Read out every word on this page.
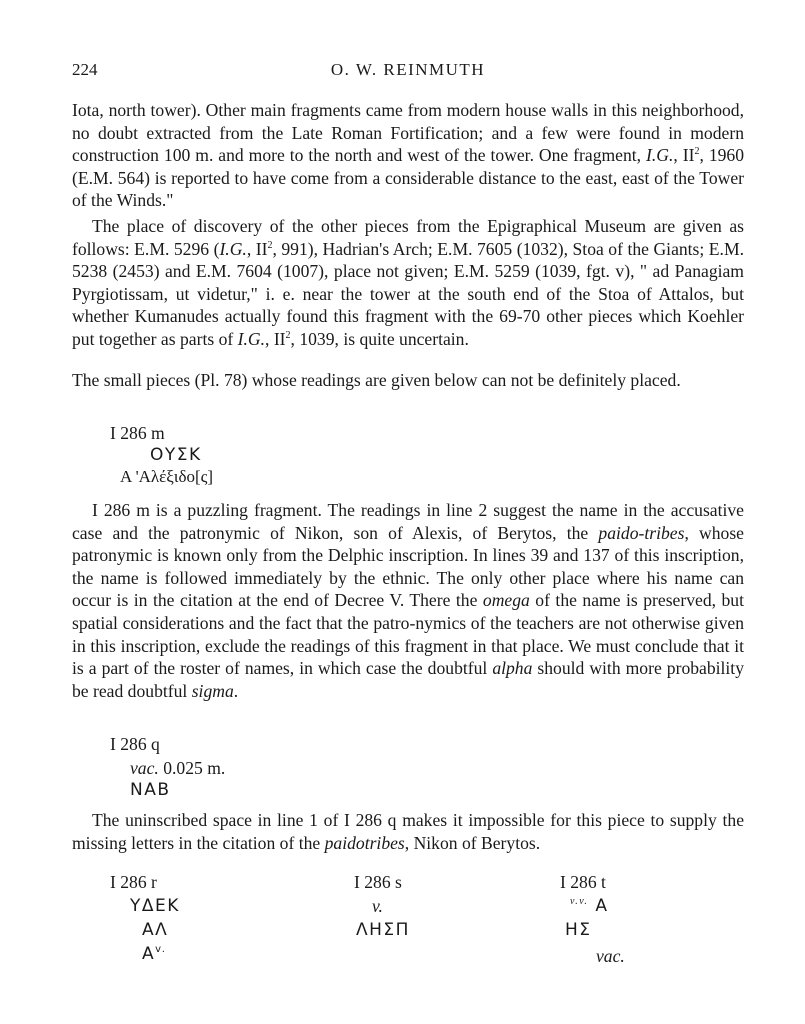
224	O. W. REINMUTH

Iota, north tower). Other main fragments came from modern house walls in this neighborhood, no doubt extracted from the Late Roman Fortification; and a few were found in modern construction 100 m. and more to the north and west of the tower. One fragment, I.G., $II^2$, 1960 (E.M. 564) is reported to have come from a considerable distance to the east, east of the Tower of the Winds."

The place of discovery of the other pieces from the Epigraphical Museum are given as follows: E.M. 5296 (I.G., $II^2$, 991), Hadrian's Arch; E.M. 7605 (1032), Stoa of the Giants; E.M. 5238 (2453) and E.M. 7604 (1007), place not given; E.M. 5259 (1039, fgt. v), " ad Panagiam Pyrgiotissam, ut videtur," i. e. near the tower at the south end of the Stoa of Attalos, but whether Kumanudes actually found this fragment with the 69-70 other pieces which Koehler put together as parts of I.G., $II^2$, 1039, is quite uncertain.

The small pieces (Pl. 78) whose readings are given below can not be definitely placed.

I 286 m
ΟΥΣΚ
Α 'Αλέξιδο[ς]

I 286 m is a puzzling fragment. The readings in line 2 suggest the name in the accusative case and the patronymic of Nikon, son of Alexis, of Berytos, the paido-tribes, whose patronymic is known only from the Delphic inscription. In lines 39 and 137 of this inscription, the name is followed immediately by the ethnic. The only other place where his name can occur is in the citation at the end of Decree V. There the omega of the name is preserved, but spatial considerations and the fact that the patro-nymics of the teachers are not otherwise given in this inscription, exclude the readings of this fragment in that place. We must conclude that it is a part of the roster of names, in which case the doubtful alpha should with more probability be read doubtful sigma.

I 286 q
vac. 0.025 m.
NAB

The uninscribed space in line 1 of I 286 q makes it impossible for this piece to supply the missing letters in the citation of the paidotribes, Nikon of Berytos.

I 286 r
ΥΔΕΚ
ΑΛ
$A^{v.}$
I 286 s
v.
ΛΗΣΠ
I 286 t
$^{v.v.}$ Α
ΗΣ
vac.
